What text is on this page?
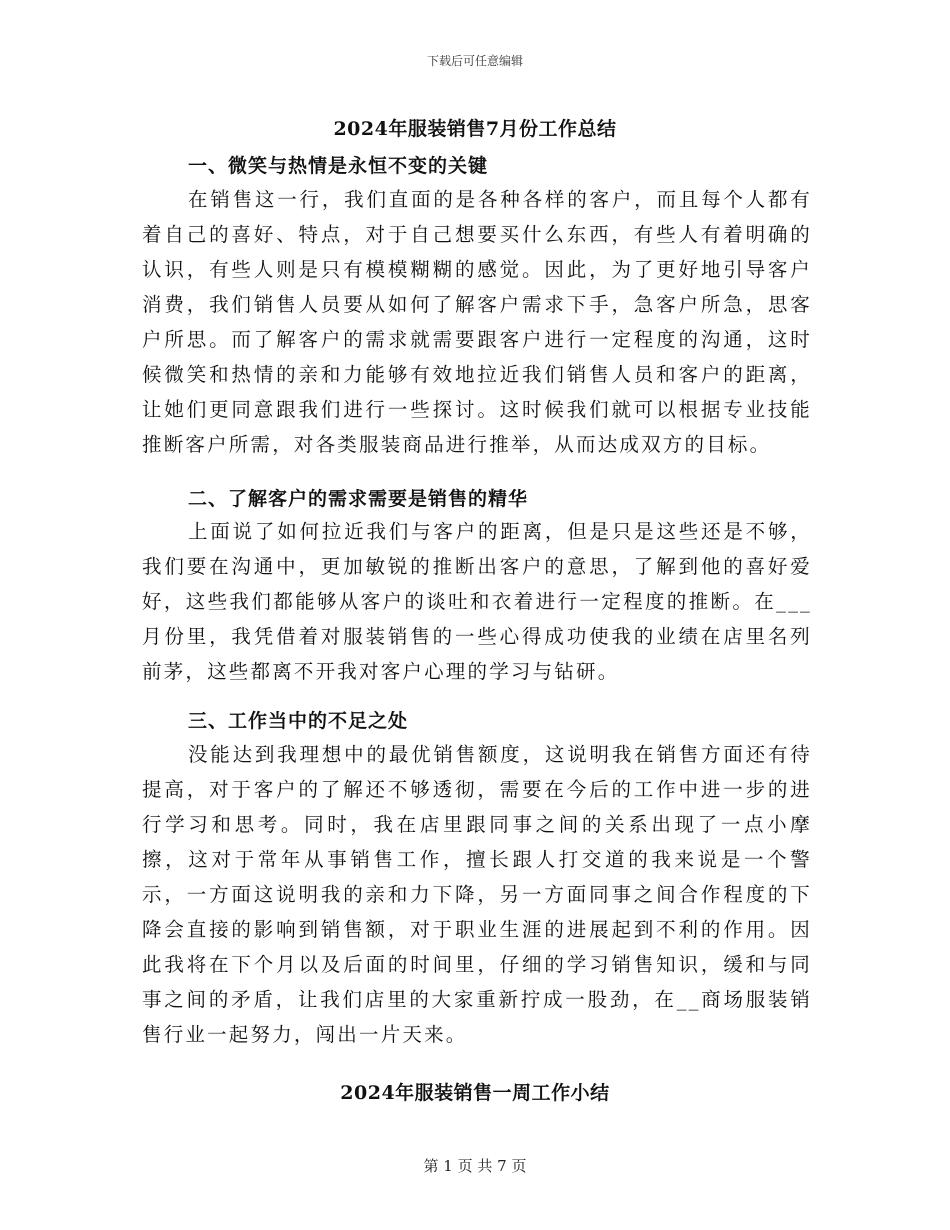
下载后可任意编辑
2024年服装销售7月份工作总结
一、微笑与热情是永恒不变的关键

在销售这一行，我们直面的是各种各样的客户，而且每个人都有着自己的喜好、特点，对于自己想要买什么东西，有些人有着明确的认识，有些人则是只有模模糊糊的感觉。因此，为了更好地引导客户消费，我们销售人员要从如何了解客户需求下手，急客户所急，思客户所思。而了解客户的需求就需要跟客户进行一定程度的沟通，这时候微笑和热情的亲和力能够有效地拉近我们销售人员和客户的距离，让她们更同意跟我们进行一些探讨。这时候我们就可以根据专业技能推断客户所需，对各类服装商品进行推举，从而达成双方的目标。

二、了解客户的需求需要是销售的精华

上面说了如何拉近我们与客户的距离，但是只是这些还是不够，我们要在沟通中，更加敏锐的推断出客户的意思，了解到他的喜好爱好，这些我们都能够从客户的谈吐和衣着进行一定程度的推断。在___月份里，我凭借着对服装销售的一些心得成功使我的业绩在店里名列前茅，这些都离不开我对客户心理的学习与钻研。

三、工作当中的不足之处

没能达到我理想中的最优销售额度，这说明我在销售方面还有待提高，对于客户的了解还不够透彻，需要在今后的工作中进一步的进行学习和思考。同时，我在店里跟同事之间的关系出现了一点小摩擦，这对于常年从事销售工作，擅长跟人打交道的我来说是一个警示，一方面这说明我的亲和力下降，另一方面同事之间合作程度的下降会直接的影响到销售额，对于职业生涯的进展起到不利的作用。因此我将在下个月以及后面的时间里，仔细的学习销售知识，缓和与同事之间的矛盾，让我们店里的大家重新拧成一股劲，在__商场服装销售行业一起努力，闯出一片天来。

2024年服装销售一周工作小结
第 1 页 共 7 页
